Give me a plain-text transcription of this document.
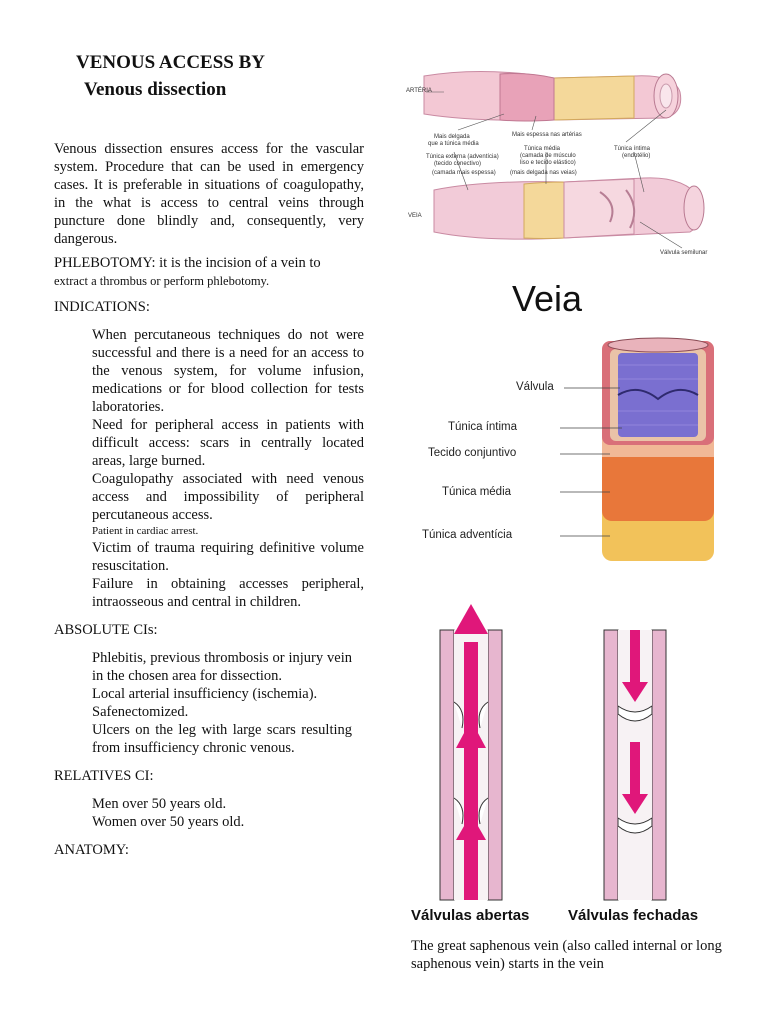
VENOUS ACCESS BY
Venous dissection

Venous dissection ensures access for the vascular system. Procedure that can be used in emergency cases. It is preferable in situations of coagulopathy, in the what is access to central veins through puncture done blindly and, consequently, very dangerous.

PHLEBOTOMY: it is the incision of a vein to
extract a thrombus or perform phlebotomy.
INDICATIONS:
When percutaneous techniques do not were successful and there is a need for an access to the venous system, for volume infusion, medications or for blood collection for tests laboratories.
Need for peripheral access in patients with difficult access: scars in centrally located areas, large burned.
Coagulopathy associated with need venous access and impossibility of peripheral percutaneous access.
Patient in cardiac arrest.
Victim of trauma requiring definitive volume resuscitation.
Failure in obtaining accesses peripheral, intraosseous and central in children.
ABSOLUTE CIs:
Phlebitis, previous thrombosis or injury vein in the chosen area for dissection.
Local arterial insufficiency (ischemia).
Safenectomized.
Ulcers on the leg with large scars resulting from insufficiency chronic venous.
RELATIVES CI:
Men over 50 years old.
Women over 50 years old.
ANATOMY:
ARTÉRIA
VEIA
Mais delgada
que a túnica média
Mais espessa nas artérias
Túnica íntima
(endotélio)
Túnica externa (adventícia)
(tecido conectivo)
Túnica média
(camada de músculo
liso e tecido elástico)
(camada mais espessa) (mais delgada nas veias)
Válvula semilunar
Veia
Válvula
Túnica íntima
Tecido conjuntivo
Túnica média
Túnica adventícia
Válvulas abertas	Válvulas fechadas
The great saphenous vein (also called internal or long saphenous vein) starts in the vein
